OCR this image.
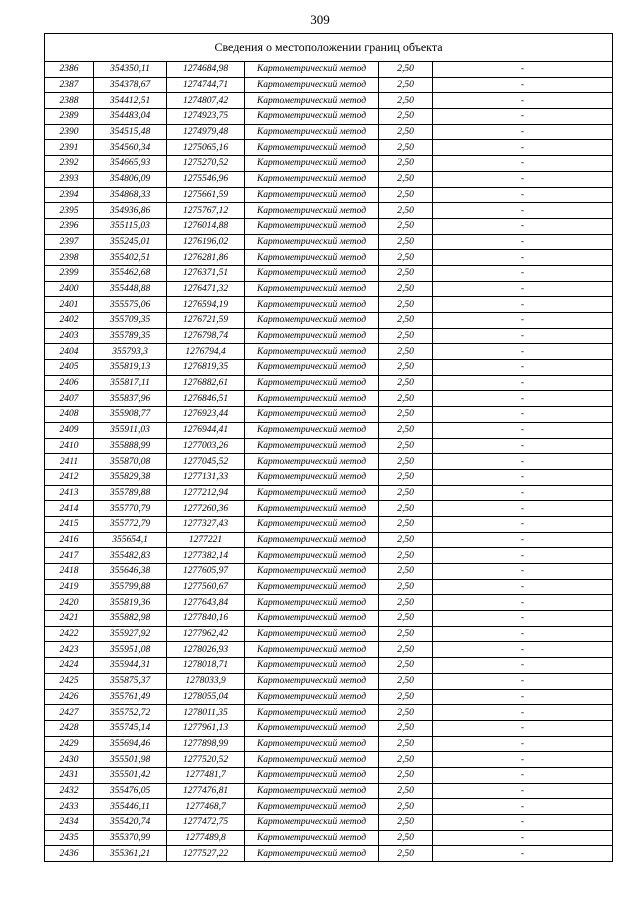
309
Сведения о местоположении границ объекта					
2386	354350,11	1274684,98	Картометрический метод	2,50	-
2387	354378,67	1274744,71	Картометрический метод	2,50	-
2388	354412,51	1274807,42	Картометрический метод	2,50	-
2389	354483,04	1274923,75	Картометрический метод	2,50	-
2390	354515,48	1274979,48	Картометрический метод	2,50	-
2391	354560,34	1275065,16	Картометрический метод	2,50	-
2392	354665,93	1275270,52	Картометрический метод	2,50	-
2393	354806,09	1275546,96	Картометрический метод	2,50	-
2394	354868,33	1275661,59	Картометрический метод	2,50	-
2395	354936,86	1275767,12	Картометрический метод	2,50	-
2396	355115,03	1276014,88	Картометрический метод	2,50	-
2397	355245,01	1276196,02	Картометрический метод	2,50	-
2398	355402,51	1276281,86	Картометрический метод	2,50	-
2399	355462,68	1276371,51	Картометрический метод	2,50	-
2400	355448,88	1276471,32	Картометрический метод	2,50	-
2401	355575,06	1276594,19	Картометрический метод	2,50	-
2402	355709,35	1276721,59	Картометрический метод	2,50	-
2403	355789,35	1276798,74	Картометрический метод	2,50	-
2404	355793,3	1276794,4	Картометрический метод	2,50	-
2405	355819,13	1276819,35	Картометрический метод	2,50	-
2406	355817,11	1276882,61	Картометрический метод	2,50	-
2407	355837,96	1276846,51	Картометрический метод	2,50	-
2408	355908,77	1276923,44	Картометрический метод	2,50	-
2409	355911,03	1276944,41	Картометрический метод	2,50	-
2410	355888,99	1277003,26	Картометрический метод	2,50	-
2411	355870,08	1277045,52	Картометрический метод	2,50	-
2412	355829,38	1277131,33	Картометрический метод	2,50	-
2413	355789,88	1277212,94	Картометрический метод	2,50	-
2414	355770,79	1277260,36	Картометрический метод	2,50	-
2415	355772,79	1277327,43	Картометрический метод	2,50	-
2416	355654,1	1277221	Картометрический метод	2,50	-
2417	355482,83	1277382,14	Картометрический метод	2,50	-
2418	355646,38	1277605,97	Картометрический метод	2,50	-
2419	355799,88	1277560,67	Картометрический метод	2,50	-
2420	355819,36	1277643,84	Картометрический метод	2,50	-
2421	355882,98	1277840,16	Картометрический метод	2,50	-
2422	355927,92	1277962,42	Картометрический метод	2,50	-
2423	355951,08	1278026,93	Картометрический метод	2,50	-
2424	355944,31	1278018,71	Картометрический метод	2,50	-
2425	355875,37	1278033,9	Картометрический метод	2,50	-
2426	355761,49	1278055,04	Картометрический метод	2,50	-
2427	355752,72	1278011,35	Картометрический метод	2,50	-
2428	355745,14	1277961,13	Картометрический метод	2,50	-
2429	355694,46	1277898,99	Картометрический метод	2,50	-
2430	355501,98	1277520,52	Картометрический метод	2,50	-
2431	355501,42	1277481,7	Картометрический метод	2,50	-
2432	355476,05	1277476,81	Картометрический метод	2,50	-
2433	355446,11	1277468,7	Картометрический метод	2,50	-
2434	355420,74	1277472,75	Картометрический метод	2,50	-
2435	355370,99	1277489,8	Картометрический метод	2,50	-
2436	355361,21	1277527,22	Картометрический метод	2,50	-
